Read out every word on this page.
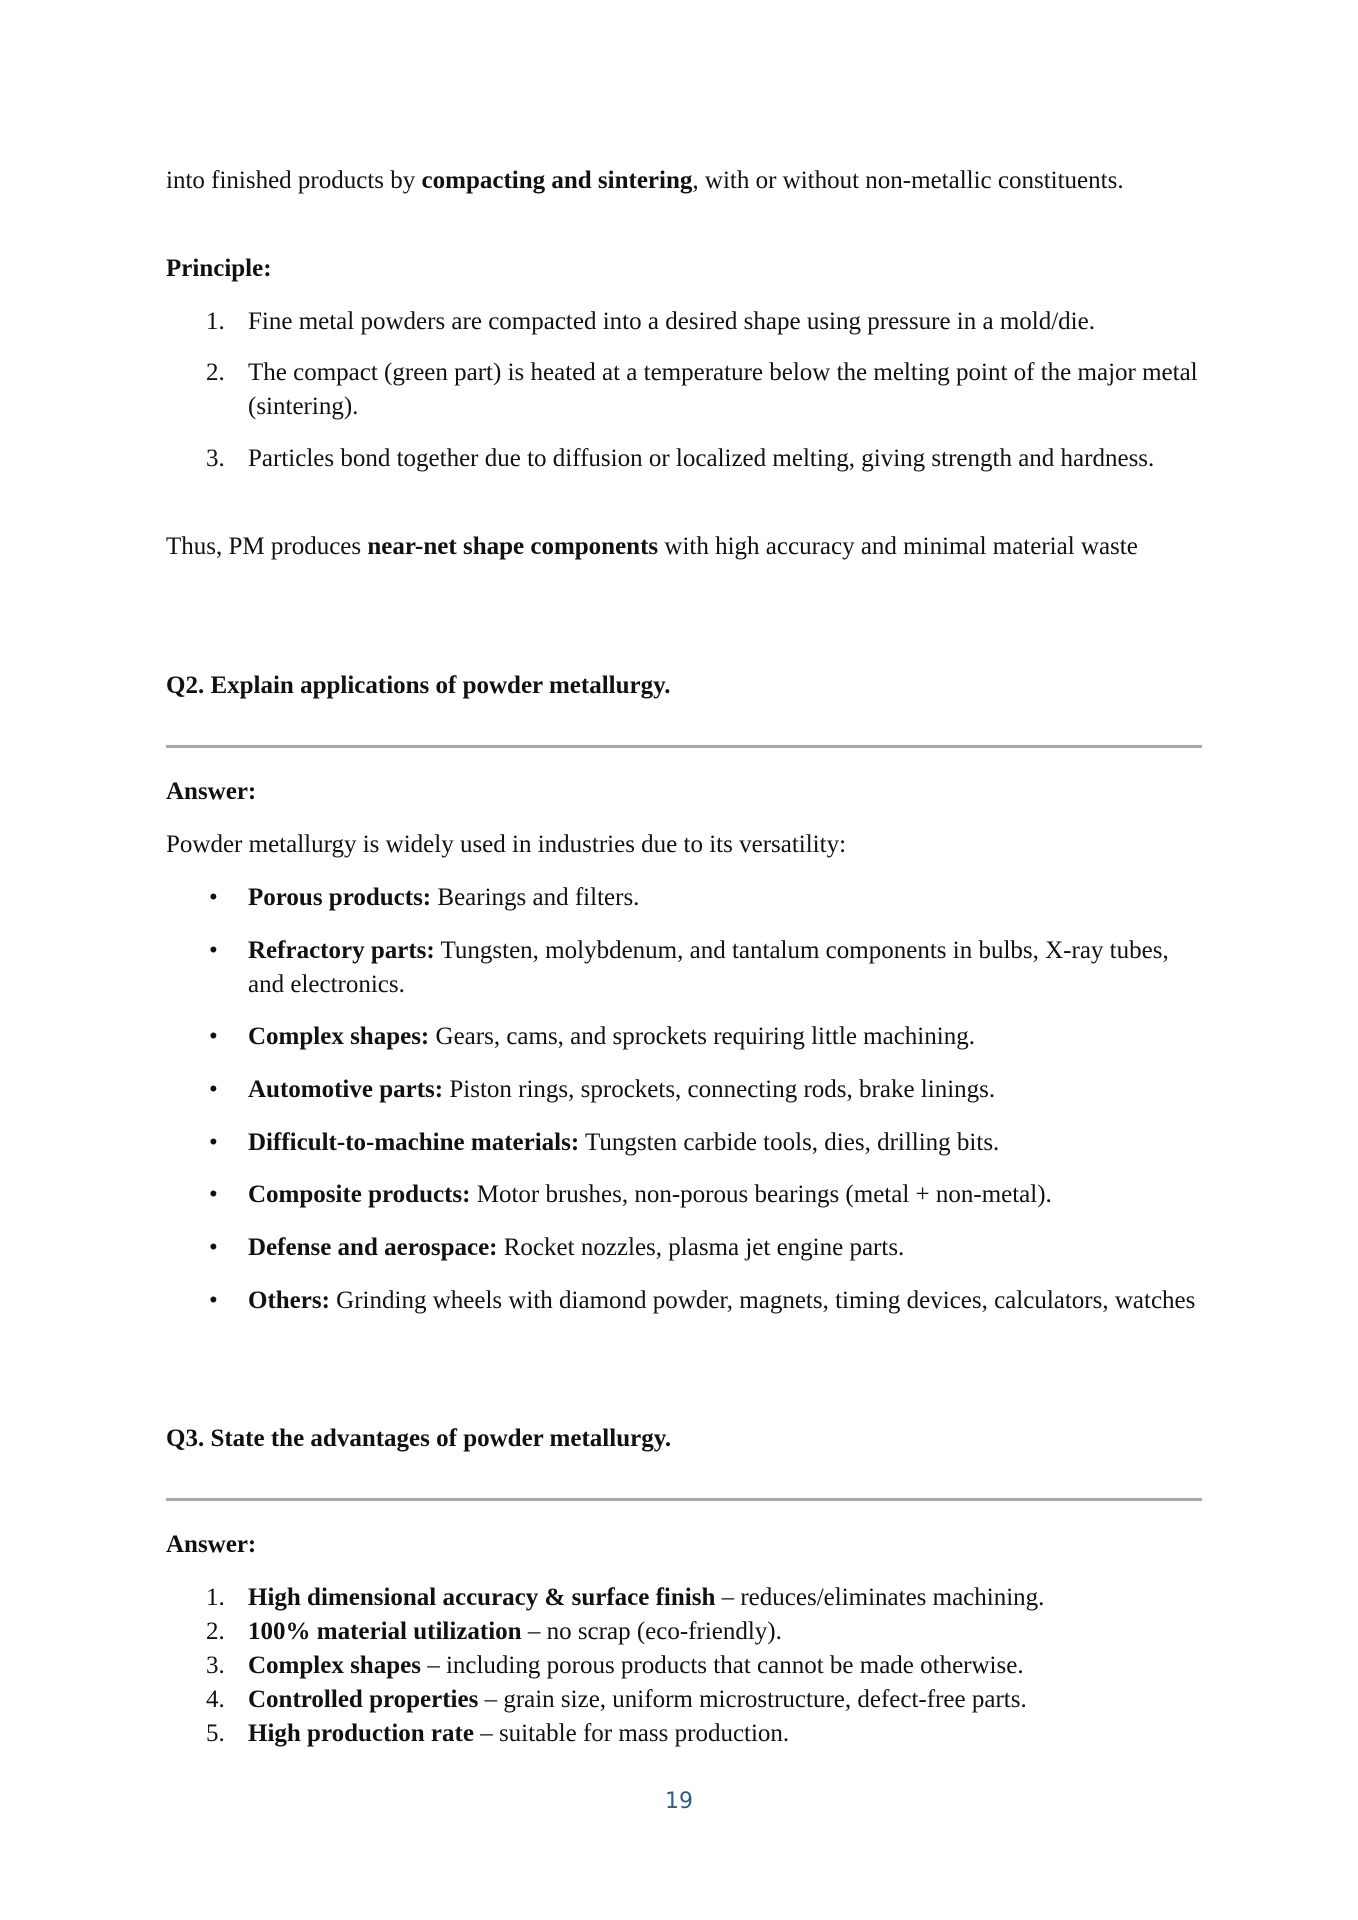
into finished products by compacting and sintering, with or without non-metallic constituents.

Principle:

1. Fine metal powders are compacted into a desired shape using pressure in a mold/die.
2. The compact (green part) is heated at a temperature below the melting point of the major metal (sintering).
3. Particles bond together due to diffusion or localized melting, giving strength and hardness.

Thus, PM produces near-net shape components with high accuracy and minimal material waste

Q2. Explain applications of powder metallurgy.

Answer:

Powder metallurgy is widely used in industries due to its versatility:

• Porous products: Bearings and filters.
• Refractory parts: Tungsten, molybdenum, and tantalum components in bulbs, X-ray tubes, and electronics.
• Complex shapes: Gears, cams, and sprockets requiring little machining.
• Automotive parts: Piston rings, sprockets, connecting rods, brake linings.
• Difficult-to-machine materials: Tungsten carbide tools, dies, drilling bits.
• Composite products: Motor brushes, non-porous bearings (metal + non-metal).
• Defense and aerospace: Rocket nozzles, plasma jet engine parts.
• Others: Grinding wheels with diamond powder, magnets, timing devices, calculators, watches

Q3. State the advantages of powder metallurgy.

Answer:

1. High dimensional accuracy & surface finish – reduces/eliminates machining.
2. 100% material utilization – no scrap (eco-friendly).
3. Complex shapes – including porous products that cannot be made otherwise.
4. Controlled properties – grain size, uniform microstructure, defect-free parts.
5. High production rate – suitable for mass production.
19
